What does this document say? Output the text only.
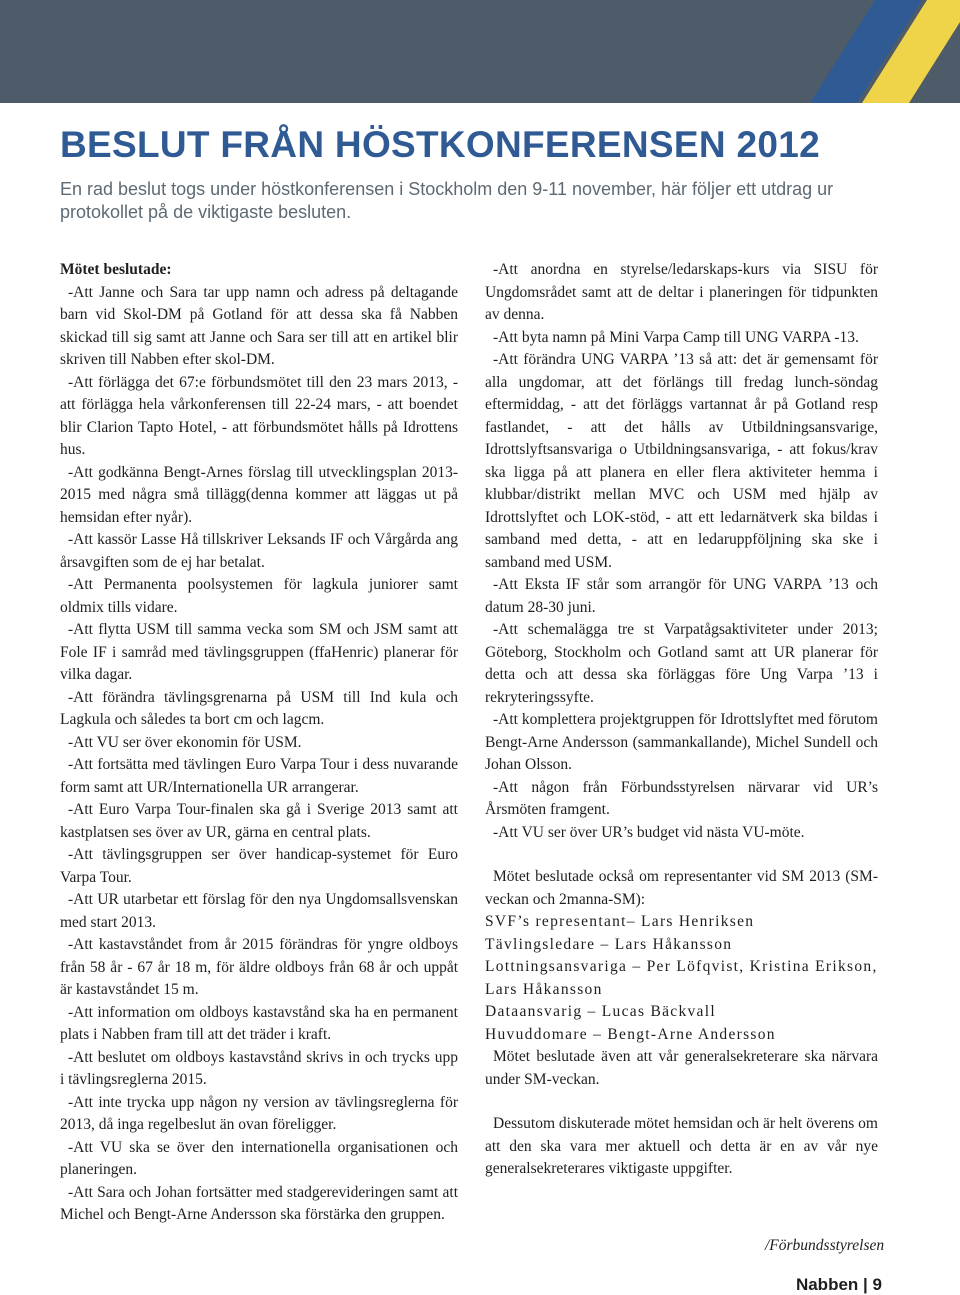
BESLUT FRÅN HÖSTKONFERENSEN 2012

En rad beslut togs under höstkonferensen i Stockholm den 9-11 november, här följer ett utdrag ur protokollet på de viktigaste besluten.

Mötet beslutade:

-Att Janne och Sara tar upp namn och adress på deltagande barn vid Skol-DM på Gotland för att dessa ska få Nabben skickad till sig samt att Janne och Sara ser till att en artikel blir skriven till Nabben efter skol-DM.

-Att förlägga det 67:e förbundsmötet till den 23 mars 2013, - att förlägga hela vårkonferensen till 22-24 mars, - att boendet blir Clarion Tapto Hotel, - att förbundsmötet hålls på Idrottens hus.

-Att godkänna Bengt-Arnes förslag till utvecklingsplan 2013-2015 med några små tillägg(denna kommer att läggas ut på hemsidan efter nyår).

-Att kassör Lasse Hå tillskriver Leksands IF och Vårgårda ang årsavgiften som de ej har betalat.

-Att Permanenta poolsystemen för lagkula juniorer samt oldmix tills vidare.

-Att flytta USM till samma vecka som SM och JSM samt att Fole IF i samråd med tävlingsgruppen (ffaHenric) planerar för vilka dagar.

-Att förändra tävlingsgrenarna på USM till Ind kula och Lagkula och således ta bort cm och lagcm.

-Att VU ser över ekonomin för USM.

-Att fortsätta med tävlingen Euro Varpa Tour i dess nuvarande form samt att UR/Internationella UR arrangerar.

-Att Euro Varpa Tour-finalen ska gå i Sverige 2013 samt att kastplatsen ses över av UR, gärna en central plats.

-Att tävlingsgruppen ser över handicap-systemet för Euro Varpa Tour.

-Att UR utarbetar ett förslag för den nya Ungdomsallsvenskan med start 2013.

-Att kastavståndet from år 2015 förändras för yngre oldboys från 58 år - 67 år 18 m, för äldre oldboys från 68 år och uppåt är kastavståndet 15 m.

-Att information om oldboys kastavstånd ska ha en permanent plats i Nabben fram till att det träder i kraft.

-Att beslutet om oldboys kastavstånd skrivs in och trycks upp i tävlingsreglerna 2015.

-Att inte trycka upp någon ny version av tävlingsreglerna för 2013, då inga regelbeslut än ovan föreligger.

-Att VU ska se över den internationella organisationen och planeringen.

-Att Sara och Johan fortsätter med stadgerevideringen samt att Michel och Bengt-Arne Andersson ska förstärka den gruppen.

-Att anordna en styrelse/ledarskaps-kurs via SISU för Ungdomsrådet samt att de deltar i planeringen för tidpunkten av denna.

-Att byta namn på Mini Varpa Camp till UNG VARPA -13.

-Att förändra UNG VARPA ’13 så att: det är gemensamt för alla ungdomar, att det förlängs till fredag lunch-söndag eftermiddag, - att det förläggs vartannat år på Gotland resp fastlandet, - att det hålls av Utbildningsansvarige, Idrottslyftsansvariga o Utbildningsansvariga, - att fokus/krav ska ligga på att planera en eller flera aktiviteter hemma i klubbar/distrikt mellan MVC och USM med hjälp av Idrottslyftet och LOK-stöd, - att ett ledarnätverk ska bildas i samband med detta, - att en ledaruppföljning ska ske i samband med USM.

-Att Eksta IF står som arrangör för UNG VARPA ’13 och datum 28-30 juni.

-Att schemalägga tre st Varpatågsaktiviteter under 2013; Göteborg, Stockholm och Gotland samt att UR planerar för detta och att dessa ska förläggas före Ung Varpa ’13 i rekryteringssyfte.

-Att komplettera projektgruppen för Idrottslyftet med förutom Bengt-Arne Andersson (sammankallande), Michel Sundell och Johan Olsson.

-Att någon från Förbundsstyrelsen närvarar vid UR’s Årsmöten framgent.

-Att VU ser över UR’s budget vid nästa VU-möte.

Mötet beslutade också om representanter vid SM 2013 (SM-veckan och 2manna-SM):

SVF’s representant– Lars Henriksen

Tävlingsledare – Lars Håkansson

Lottningsansvariga – Per Löfqvist, Kristina Erikson, Lars Håkansson

Dataansvarig – Lucas Bäckvall

Huvuddomare – Bengt-Arne Andersson

Mötet beslutade även att vår generalsekreterare ska närvara under SM-veckan.

Dessutom diskuterade mötet hemsidan och är helt överens om att den ska vara mer aktuell och detta är en av vår nye generalsekreterares viktigaste uppgifter.

/Förbundsstyrelsen
Nabben | 9
